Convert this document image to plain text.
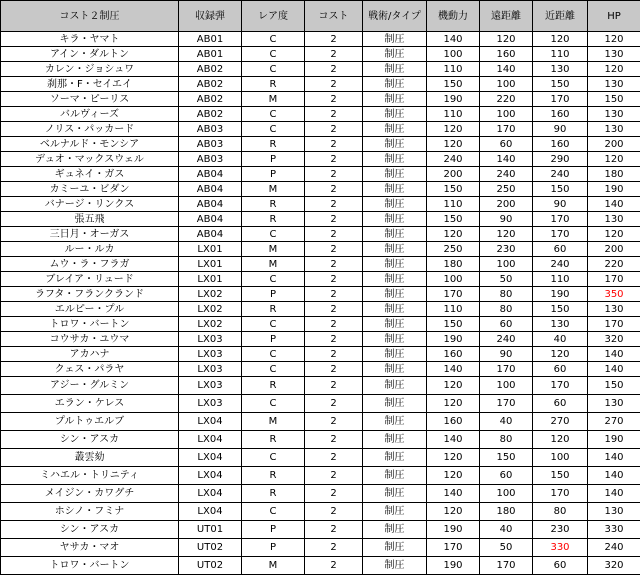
コスト２制圧	収録弾	レア度	コスト	戦術/タイプ	機動力	遠距離	近距離	HP
キラ・ヤマト	AB01	C	2	制圧	140	120	120	120
アイン・ダルトン	AB01	C	2	制圧	100	160	110	130
カレン・ジョシュワ	AB02	C	2	制圧	110	140	130	120
刹那・F・セイエイ	AB02	R	2	制圧	150	100	150	130
ソーマ・ピーリス	AB02	M	2	制圧	190	220	170	150
バルヴィーズ	AB02	C	2	制圧	110	100	160	130
ノリス・パッカード	AB03	C	2	制圧	120	170	90	130
ベルナルド・モンシア	AB03	R	2	制圧	120	60	160	200
デュオ・マックスウェル	AB03	P	2	制圧	240	140	290	120
ギュネイ・ガス	AB04	P	2	制圧	200	240	240	180
カミーユ・ビダン	AB04	M	2	制圧	150	250	150	190
バナージ・リンクス	AB04	R	2	制圧	110	200	90	140
張五飛	AB04	R	2	制圧	150	90	170	130
三日月・オーガス	AB04	C	2	制圧	120	120	170	120
ルー・ルカ	LX01	M	2	制圧	250	230	60	200
ムウ・ラ・フラガ	LX01	M	2	制圧	180	100	240	220
ブレイア・リュード	LX01	C	2	制圧	100	50	110	170
ラフタ・フランクランド	LX02	P	2	制圧	170	80	190	350
エルピー・プル	LX02	R	2	制圧	110	80	150	130
トロワ・バートン	LX02	C	2	制圧	150	60	130	170
コウサカ・ユウマ	LX03	P	2	制圧	190	240	40	320
アカハナ	LX03	C	2	制圧	160	90	120	140
クェス・パラヤ	LX03	C	2	制圧	140	170	60	140
アジー・グルミン	LX03	R	2	制圧	120	100	170	150
エラン・ケレス	LX03	C	2	制圧	120	170	60	130
プルトゥエルブ	LX04	M	2	制圧	160	40	270	270
シン・アスカ	LX04	R	2	制圧	140	80	120	190
叢雲劾	LX04	C	2	制圧	120	150	100	140
ミハエル・トリニティ	LX04	R	2	制圧	120	60	150	140
メイジン・カワグチ	LX04	R	2	制圧	140	100	170	140
ホシノ・フミナ	LX04	C	2	制圧	120	180	80	130
シン・アスカ	UT01	P	2	制圧	190	40	230	330
ヤサカ・マオ	UT02	P	2	制圧	170	50	330	240
トロワ・バートン	UT02	M	2	制圧	190	170	60	320
